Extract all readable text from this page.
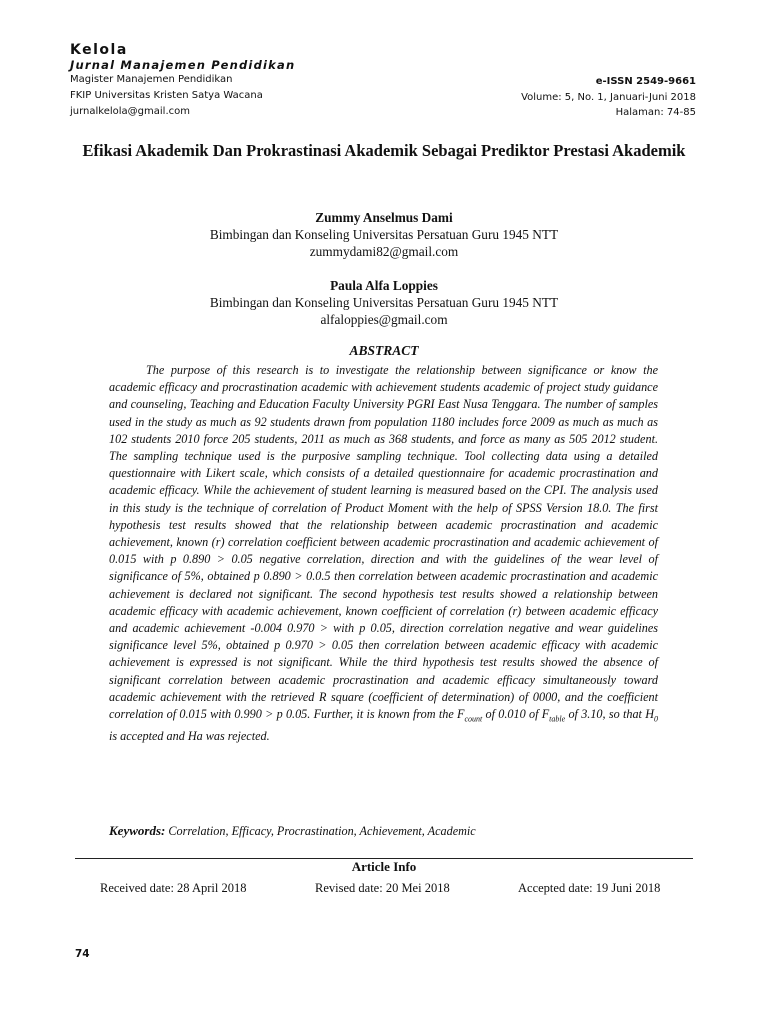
Kelola
Jurnal Manajemen Pendidikan
Magister Manajemen Pendidikan
FKIP Universitas Kristen Satya Wacana
jurnalkelola@gmail.com
e-ISSN 2549-9661
Volume: 5, No. 1, Januari-Juni 2018
Halaman: 74-85
Efikasi Akademik Dan Prokrastinasi Akademik Sebagai Prediktor Prestasi Akademik
Zummy Anselmus Dami
Bimbingan dan Konseling Universitas Persatuan Guru 1945 NTT
zummydami82@gmail.com
Paula Alfa Loppies
Bimbingan dan Konseling Universitas Persatuan Guru 1945 NTT
alfaloppies@gmail.com
ABSTRACT

The purpose of this research is to investigate the relationship between significance or know the academic efficacy and procrastination academic with achievement students academic of project study guidance and counseling, Teaching and Education Faculty University PGRI East Nusa Tenggara. The number of samples used in the study as much as 92 students drawn from population 1180 includes force 2009 as much as much as 102 students 2010 force 205 students, 2011 as much as 368 students, and force as many as 505 2012 student. The sampling technique used is the purposive sampling technique. Tool collecting data using a detailed questionnaire with Likert scale, which consists of a detailed questionnaire for academic procrastination and academic efficacy. While the achievement of student learning is measured based on the CPI. The analysis used in this study is the technique of correlation of Product Moment with the help of SPSS Version 18.0. The first hypothesis test results showed that the relationship between academic procrastination and academic achievement, known (r) correlation coefficient between academic procrastination and academic achievement of 0.015 with p 0.890 > 0.05 negative correlation, direction and with the guidelines of the wear level of significance of 5%, obtained p 0.890 > 0.0.5 then correlation between academic procrastination and academic achievement is declared not significant. The second hypothesis test results showed a relationship between academic efficacy with academic achievement, known coefficient of correlation (r) between academic efficacy and academic achievement -0.004 0.970 > with p 0.05, direction correlation negative and wear guidelines significance level 5%, obtained p 0.970 > 0.05 then correlation between academic efficacy with academic achievement is expressed is not significant. While the third hypothesis test results showed the absence of significant correlation between academic procrastination and academic efficacy simultaneously toward academic achievement with the retrieved R square (coefficient of determination) of 0000, and the coefficient correlation of 0.015 with 0.990 > p 0.05. Further, it is known from the $F_{count}$ of 0.010 of $F_{table}$ of 3.10, so that $H_0$ is accepted and Ha was rejected.

Keywords: Correlation, Efficacy, Procrastination, Achievement, Academic
Article Info
Received date: 28 April 2018	Revised date: 20 Mei 2018	Accepted date: 19 Juni 2018
74
